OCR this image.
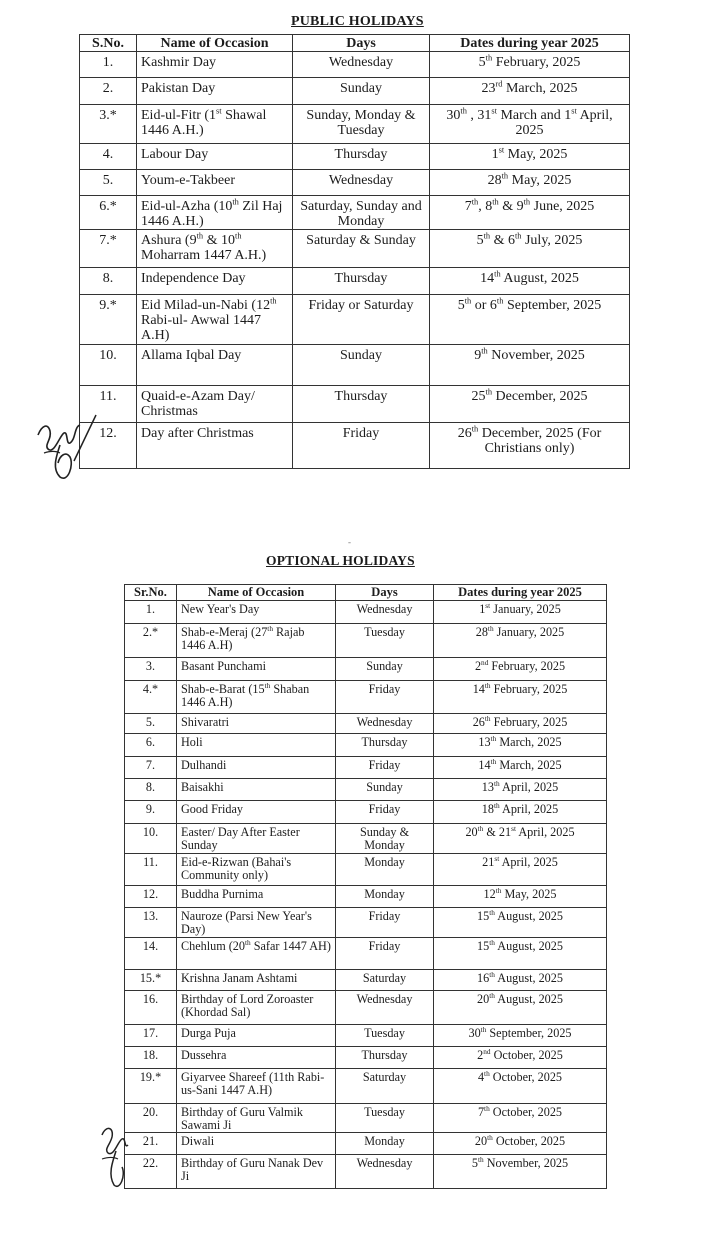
PUBLIC HOLIDAYS
S.No.	Name of Occasion	Days	Dates during year 2025
1.	Kashmir Day	Wednesday	5th February, 2025
2.	Pakistan Day	Sunday	23rd March, 2025
3.*	Eid-ul-Fitr (1st Shawal 1446 A.H.)	Sunday, Monday & Tuesday	30th , 31st March and 1st April, 2025
4.	Labour Day	Thursday	1st May, 2025
5.	Youm-e-Takbeer	Wednesday	28th May, 2025
6.*	Eid-ul-Azha (10th Zil Haj 1446 A.H.)	Saturday, Sunday and Monday	7th, 8th & 9th June, 2025
7.*	Ashura (9th & 10th Moharram 1447 A.H.)	Saturday & Sunday	5th & 6th July, 2025
8.	Independence Day	Thursday	14th August, 2025
9.*	Eid Milad-un-Nabi (12th Rabi-ul- Awwal 1447 A.H)	Friday or Saturday	5th or 6th September, 2025
10.	Allama Iqbal Day	Sunday	9th November, 2025
11.	Quaid-e-Azam Day/ Christmas	Thursday	25th December, 2025
12.	Day after Christmas	Friday	26th December, 2025 (For Christians only)
-
OPTIONAL HOLIDAYS
Sr.No.	Name of Occasion	Days	Dates during year 2025
1.	New Year's Day	Wednesday	1st January, 2025
2.*	Shab-e-Meraj (27th Rajab 1446 A.H)	Tuesday	28th January, 2025
3.	Basant Punchami	Sunday	2nd February, 2025
4.*	Shab-e-Barat (15th Shaban 1446 A.H)	Friday	14th February, 2025
5.	Shivaratri	Wednesday	26th February, 2025
6.	Holi	Thursday	13th March, 2025
7.	Dulhandi	Friday	14th March, 2025
8.	Baisakhi	Sunday	13th April, 2025
9.	Good Friday	Friday	18th April, 2025
10.	Easter/ Day After Easter Sunday	Sunday & Monday	20th & 21st April, 2025
11.	Eid-e-Rizwan (Bahai's Community only)	Monday	21st April, 2025
12.	Buddha Purnima	Monday	12th May, 2025
13.	Nauroze (Parsi New Year's Day)	Friday	15th August, 2025
14.	Chehlum (20th Safar 1447 AH)	Friday	15th August, 2025
15.*	Krishna Janam Ashtami	Saturday	16th August, 2025
16.	Birthday of Lord Zoroaster (Khordad Sal)	Wednesday	20th August, 2025
17.	Durga Puja	Tuesday	30th September, 2025
18.	Dussehra	Thursday	2nd October, 2025
19.*	Giyarvee Shareef (11th Rabi- us-Sani 1447 A.H)	Saturday	4th October, 2025
20.	Birthday of Guru Valmik Sawami Ji	Tuesday	7th October, 2025
21.	Diwali	Monday	20th October, 2025
22.	Birthday of Guru Nanak Dev Ji	Wednesday	5th November, 2025
